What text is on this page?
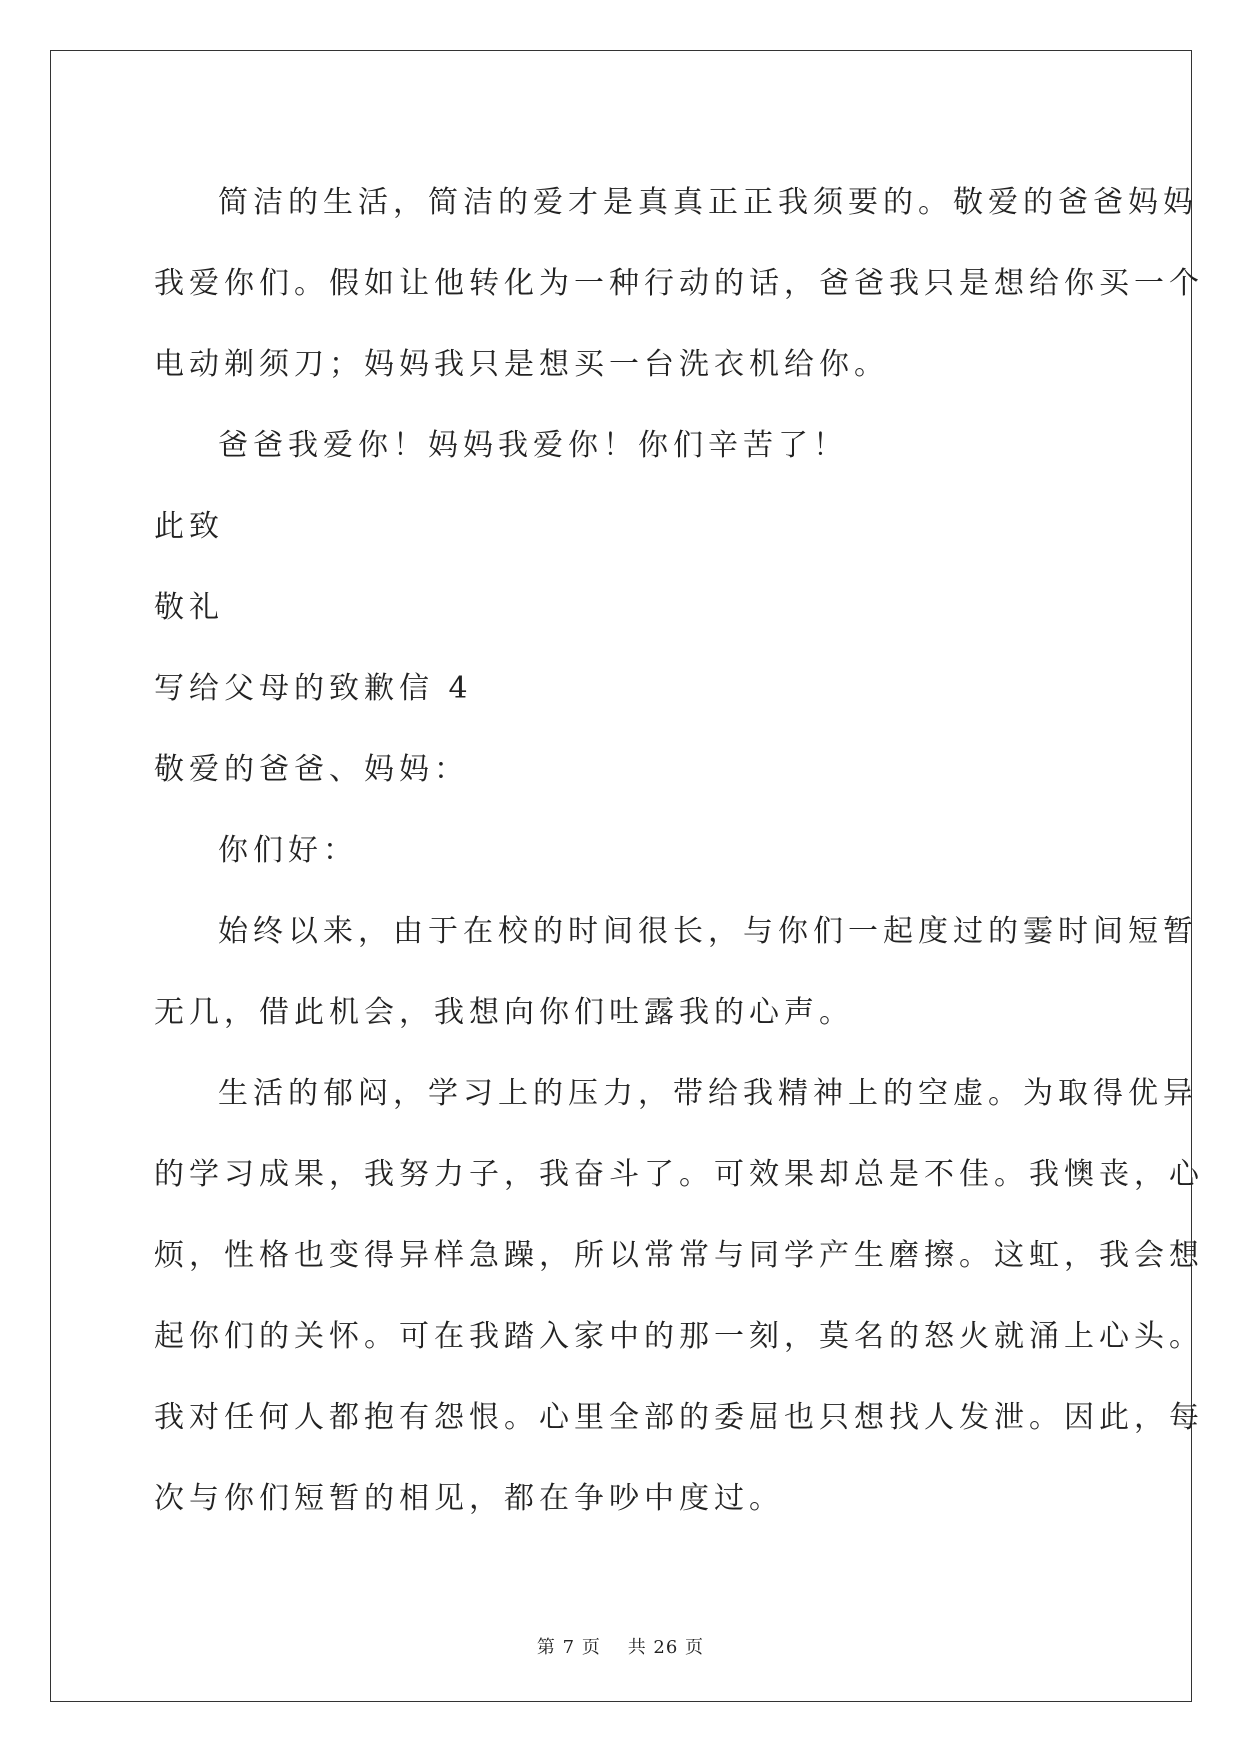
简洁的生活，简洁的爱才是真真正正我须要的。敬爱的爸爸妈妈
我爱你们。假如让他转化为一种行动的话，爸爸我只是想给你买一个
电动剃须刀；妈妈我只是想买一台洗衣机给你。
爸爸我爱你！妈妈我爱你！你们辛苦了！
此致
敬礼
写给父母的致歉信 4
敬爱的爸爸、妈妈：
你们好：
始终以来，由于在校的时间很长，与你们一起度过的霎时间短暂
无几，借此机会，我想向你们吐露我的心声。
生活的郁闷，学习上的压力，带给我精神上的空虚。为取得优异
的学习成果，我努力子，我奋斗了。可效果却总是不佳。我懊丧，心
烦，性格也变得异样急躁，所以常常与同学产生磨擦。这虹，我会想
起你们的关怀。可在我踏入家中的那一刻，莫名的怒火就涌上心头。
我对任何人都抱有怨恨。心里全部的委屈也只想找人发泄。因此，每
次与你们短暂的相见，都在争吵中度过。
第 7 页    共 26 页
